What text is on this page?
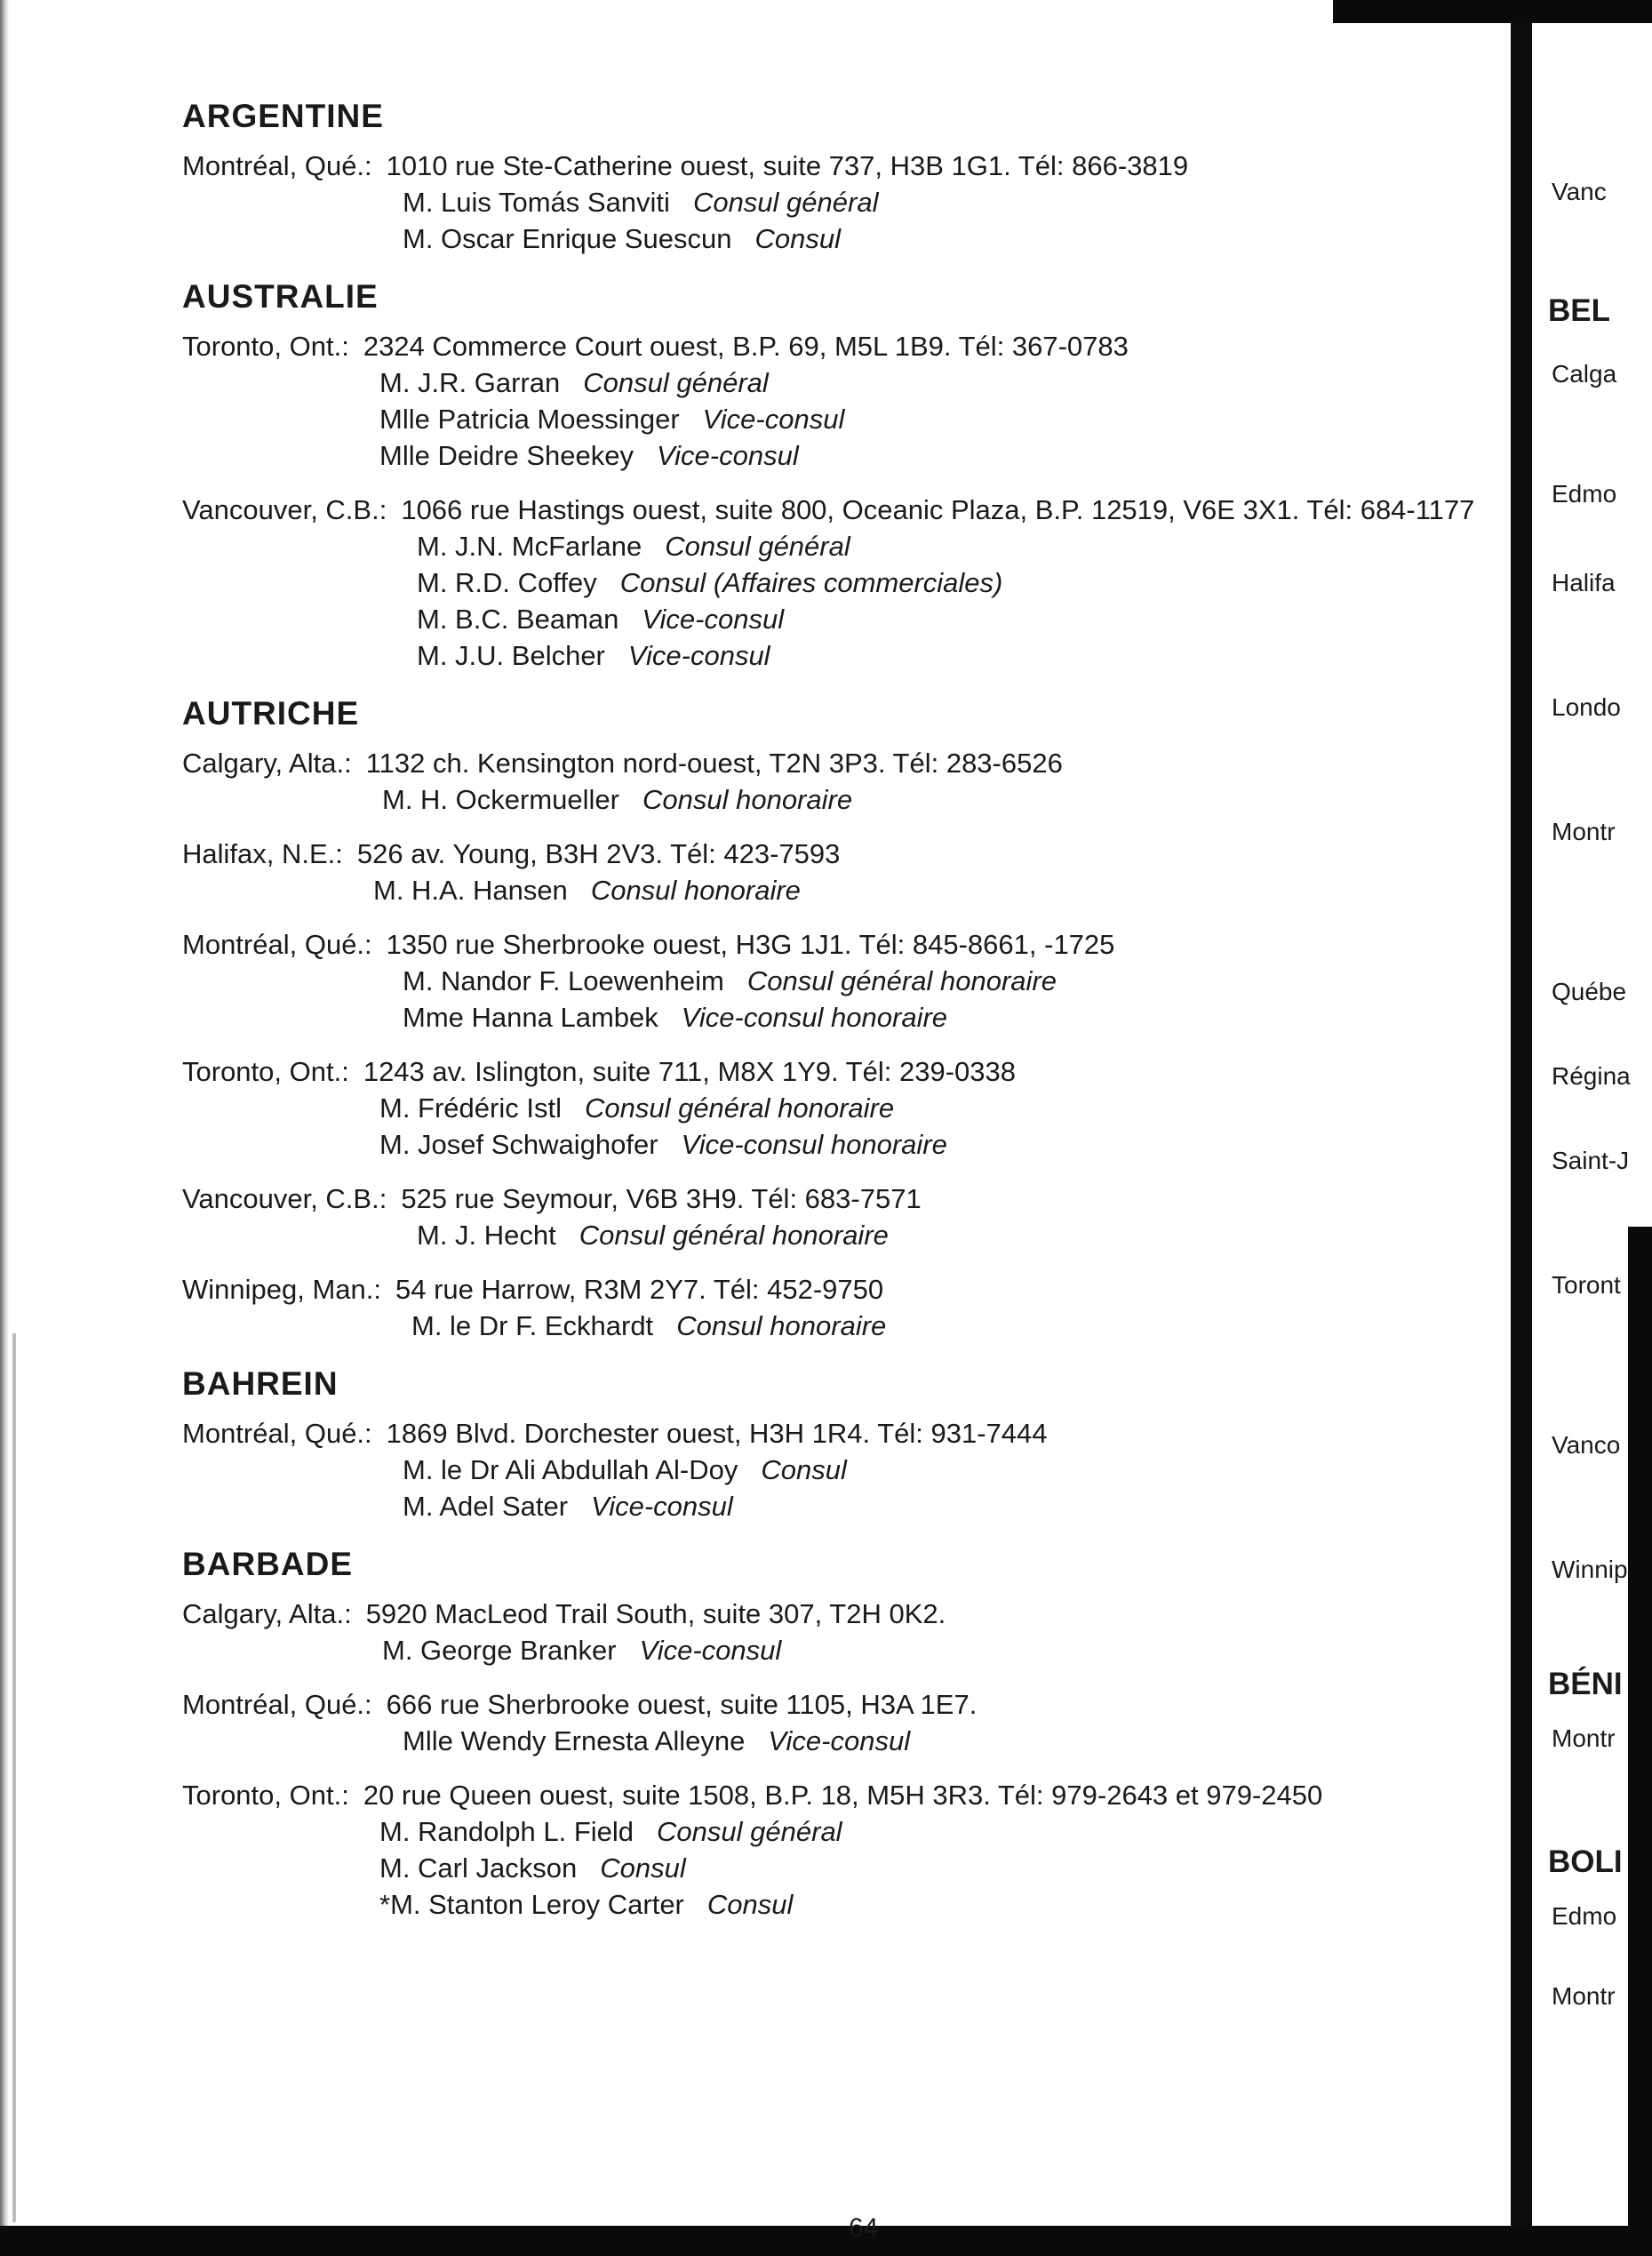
Vanc
BEL
Calga
Edmo
Halifa
Londo
Montr
Québe
Régina
Saint-J
Toront
Vanco
Winnip
BÉNI
Montr
BOLI
Edmo
Montr
ARGENTINE
Montréal, Qué.: 1010 rue Ste-Catherine ouest, suite 737, H3B 1G1. Tél: 866-3819
M. Luis Tomás Sanviti Consul général
M. Oscar Enrique Suescun Consul
AUSTRALIE
Toronto, Ont.: 2324 Commerce Court ouest, B.P. 69, M5L 1B9. Tél: 367-0783
M. J.R. Garran Consul général
Mlle Patricia Moessinger Vice-consul
Mlle Deidre Sheekey Vice-consul
Vancouver, C.B.: 1066 rue Hastings ouest, suite 800, Oceanic Plaza, B.P. 12519, V6E 3X1. Tél: 684-1177
M. J.N. McFarlane Consul général
M. R.D. Coffey Consul (Affaires commerciales)
M. B.C. Beaman Vice-consul
M. J.U. Belcher Vice-consul
AUTRICHE
Calgary, Alta.: 1132 ch. Kensington nord-ouest, T2N 3P3. Tél: 283-6526
M. H. Ockermueller Consul honoraire
Halifax, N.E.: 526 av. Young, B3H 2V3. Tél: 423-7593
M. H.A. Hansen Consul honoraire
Montréal, Qué.: 1350 rue Sherbrooke ouest, H3G 1J1. Tél: 845-8661, -1725
M. Nandor F. Loewenheim Consul général honoraire
Mme Hanna Lambek Vice-consul honoraire
Toronto, Ont.: 1243 av. Islington, suite 711, M8X 1Y9. Tél: 239-0338
M. Frédéric Istl Consul général honoraire
M. Josef Schwaighofer Vice-consul honoraire
Vancouver, C.B.: 525 rue Seymour, V6B 3H9. Tél: 683-7571
M. J. Hecht Consul général honoraire
Winnipeg, Man.: 54 rue Harrow, R3M 2Y7. Tél: 452-9750
M. le Dr F. Eckhardt Consul honoraire
BAHREIN
Montréal, Qué.: 1869 Blvd. Dorchester ouest, H3H 1R4. Tél: 931-7444
M. le Dr Ali Abdullah Al-Doy Consul
M. Adel Sater Vice-consul
BARBADE
Calgary, Alta.: 5920 MacLeod Trail South, suite 307, T2H 0K2.
M. George Branker Vice-consul
Montréal, Qué.: 666 rue Sherbrooke ouest, suite 1105, H3A 1E7.
Mlle Wendy Ernesta Alleyne Vice-consul
Toronto, Ont.: 20 rue Queen ouest, suite 1508, B.P. 18, M5H 3R3. Tél: 979-2643 et 979-2450
M. Randolph L. Field Consul général
M. Carl Jackson Consul
*M. Stanton Leroy Carter Consul
64
